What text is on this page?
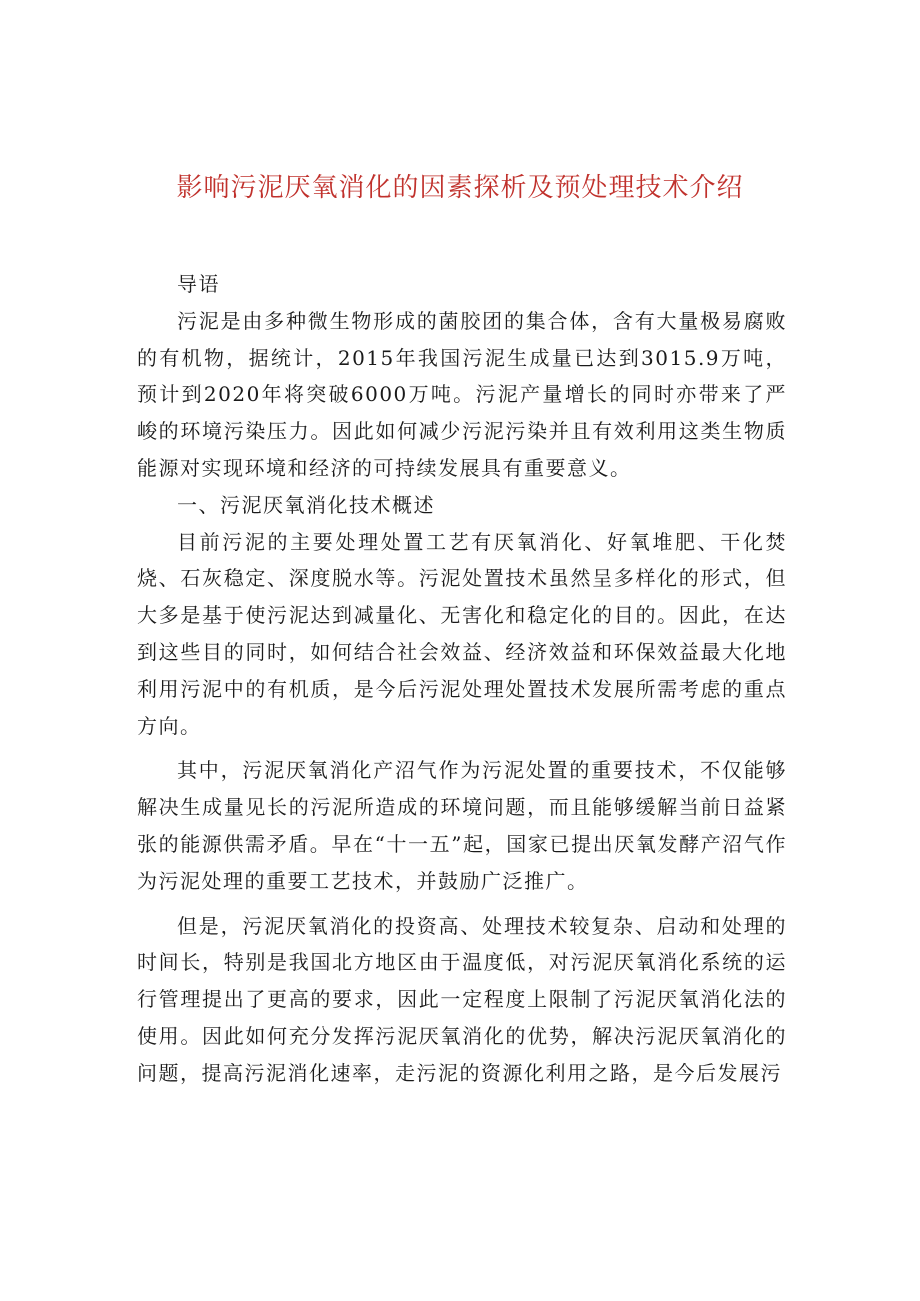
影响污泥厌氧消化的因素探析及预处理技术介绍

导语

污泥是由多种微生物形成的菌胶团的集合体，含有大量极易腐败的有机物，据统计，2015年我国污泥生成量已达到3015.9万吨，预计到2020年将突破6000万吨。污泥产量增长的同时亦带来了严峻的环境污染压力。因此如何减少污泥污染并且有效利用这类生物质能源对实现环境和经济的可持续发展具有重要意义。

一、污泥厌氧消化技术概述

目前污泥的主要处理处置工艺有厌氧消化、好氧堆肥、干化焚烧、石灰稳定、深度脱水等。污泥处置技术虽然呈多样化的形式，但大多是基于使污泥达到减量化、无害化和稳定化的目的。因此，在达到这些目的同时，如何结合社会效益、经济效益和环保效益最大化地利用污泥中的有机质，是今后污泥处理处置技术发展所需考虑的重点方向。

其中，污泥厌氧消化产沼气作为污泥处置的重要技术，不仅能够解决生成量见长的污泥所造成的环境问题，而且能够缓解当前日益紧张的能源供需矛盾。早在“十一五”起，国家已提出厌氧发酵产沼气作为污泥处理的重要工艺技术，并鼓励广泛推广。

但是，污泥厌氧消化的投资高、处理技术较复杂、启动和处理的时间长，特别是我国北方地区由于温度低，对污泥厌氧消化系统的运行管理提出了更高的要求，因此一定程度上限制了污泥厌氧消化法的使用。因此如何充分发挥污泥厌氧消化的优势，解决污泥厌氧消化的问题，提高污泥消化速率，走污泥的资源化利用之路，是今后发展污
